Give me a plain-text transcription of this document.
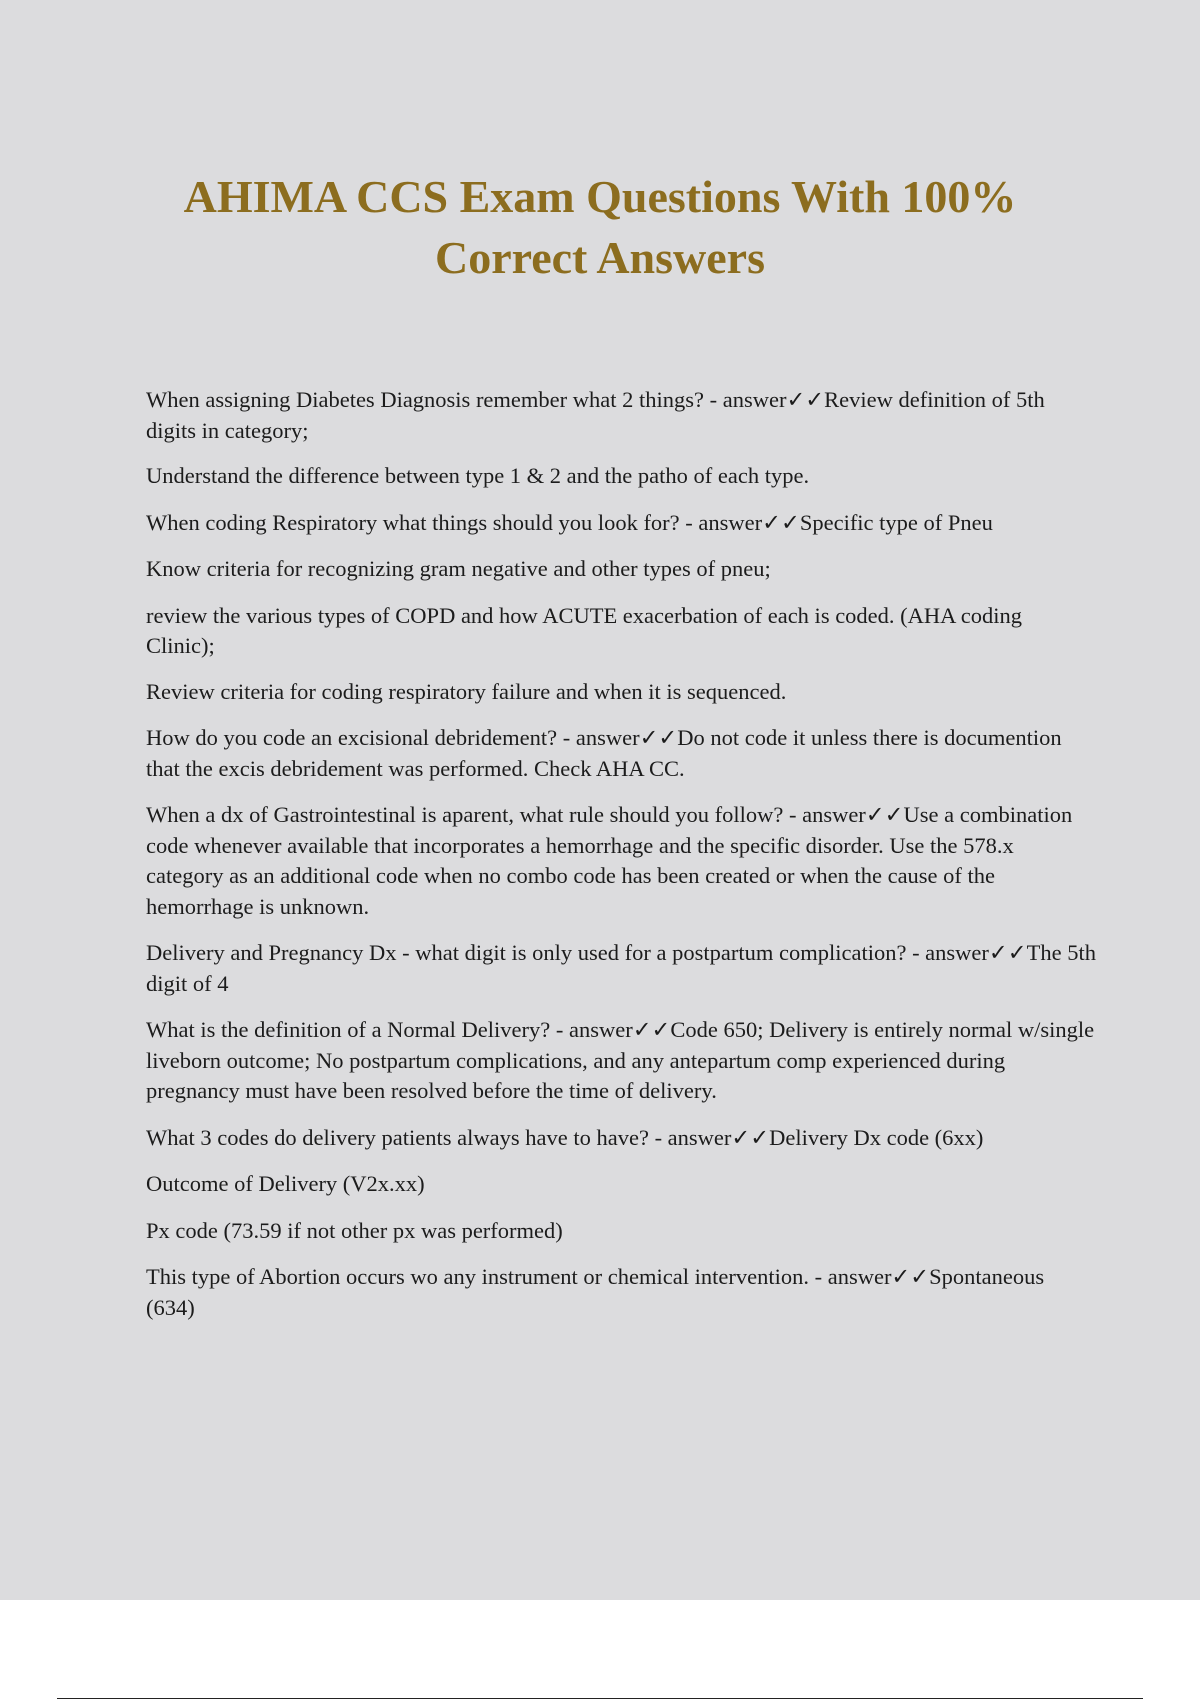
AHIMA CCS Exam Questions With 100%
Correct Answers

When assigning Diabetes Diagnosis remember what 2 things? - answer✓✓Review definition of 5th digits in category;

Understand the difference between type 1 & 2 and the patho of each type.

When coding Respiratory what things should you look for? - answer✓✓Specific type of Pneu

Know criteria for recognizing gram negative and other types of pneu;

review the various types of COPD and how ACUTE exacerbation of each is coded. (AHA coding Clinic);

Review criteria for coding respiratory failure and when it is sequenced.

How do you code an excisional debridement? - answer✓✓Do not code it unless there is documention that the excis debridement was performed. Check AHA CC.

When a dx of Gastrointestinal is aparent, what rule should you follow? - answer✓✓Use a combination code whenever available that incorporates a hemorrhage and the specific disorder. Use the 578.x category as an additional code when no combo code has been created or when the cause of the hemorrhage is unknown.

Delivery and Pregnancy Dx - what digit is only used for a postpartum complication? - answer✓✓The 5th digit of 4

What is the definition of a Normal Delivery? - answer✓✓Code 650; Delivery is entirely normal w/single liveborn outcome; No postpartum complications, and any antepartum comp experienced during pregnancy must have been resolved before the time of delivery.

What 3 codes do delivery patients always have to have? - answer✓✓Delivery Dx code (6xx)

Outcome of Delivery (V2x.xx)

Px code (73.59 if not other px was performed)

This type of Abortion occurs wo any instrument or chemical intervention. - answer✓✓Spontaneous (634)
